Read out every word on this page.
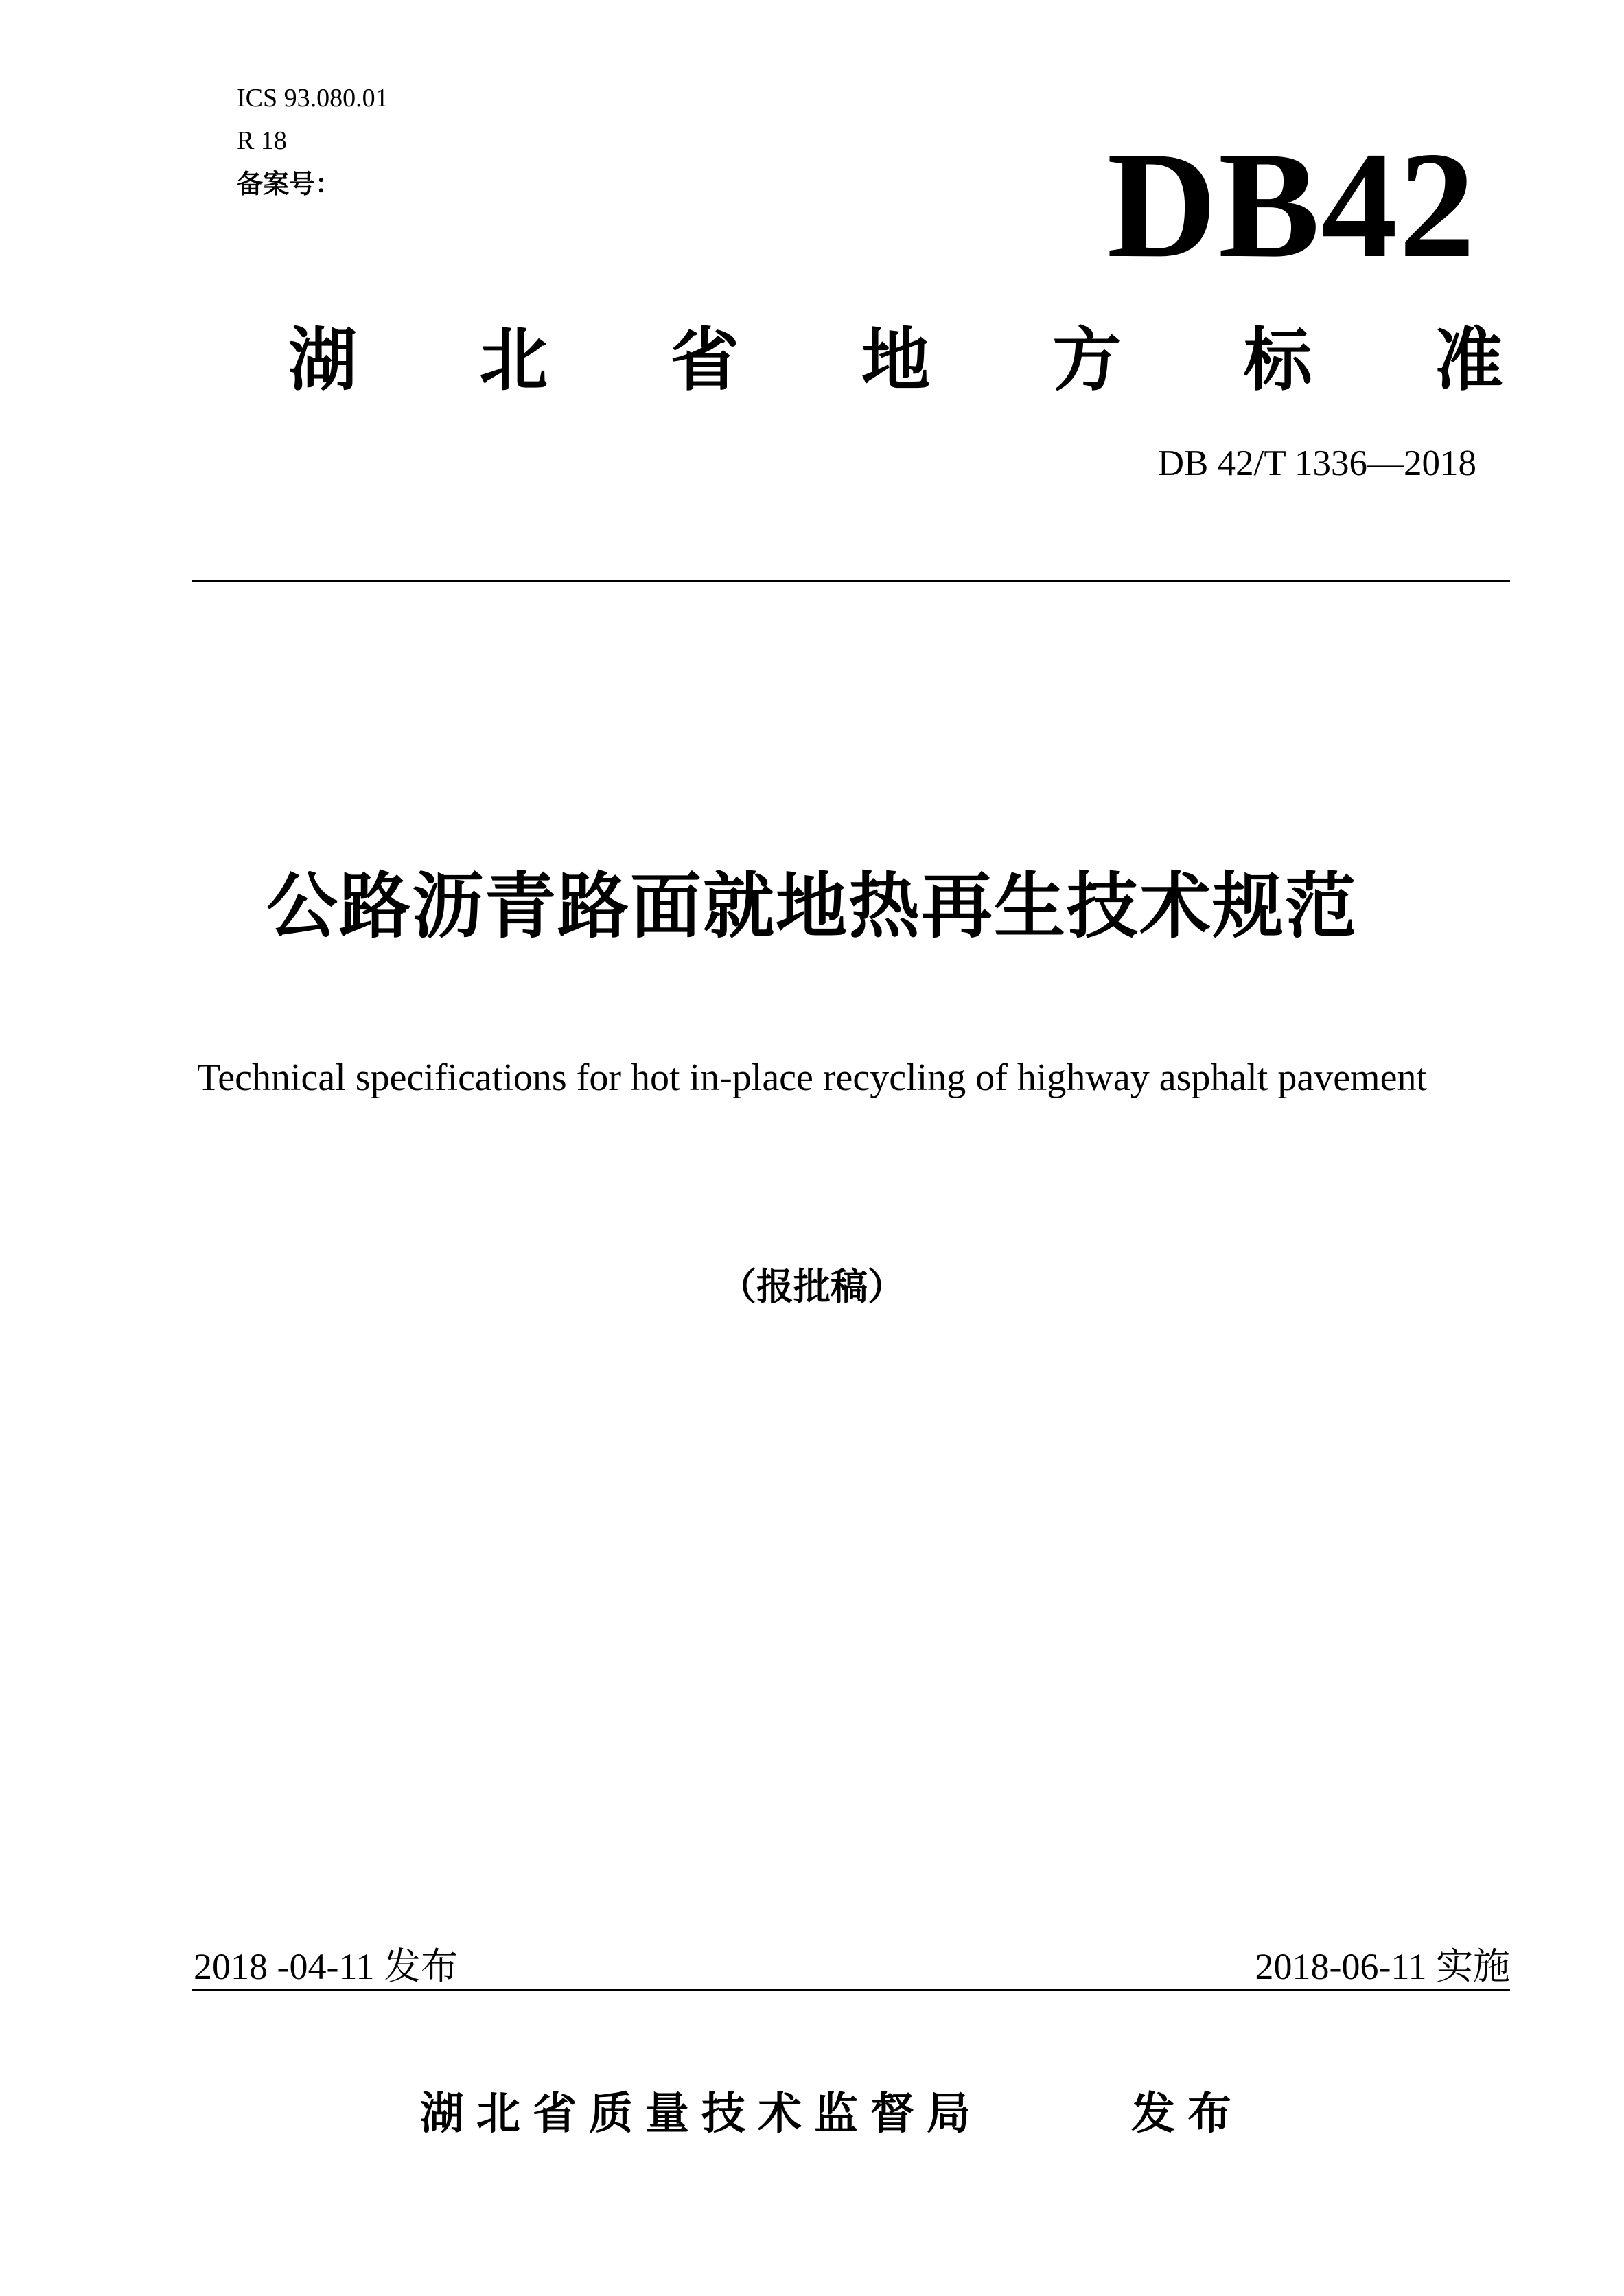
ICS 93.080.01
R 18
备案号：	DB42
湖 北 省 地 方 标 准
DB 42/T 1336—2018
公路沥青路面就地热再生技术规范
Technical specifications for hot in-place recycling of highway asphalt pavement
（报批稿）
2018 -04-11 发布	2018-06-11 实施
湖北省质量技术监督局	发布
